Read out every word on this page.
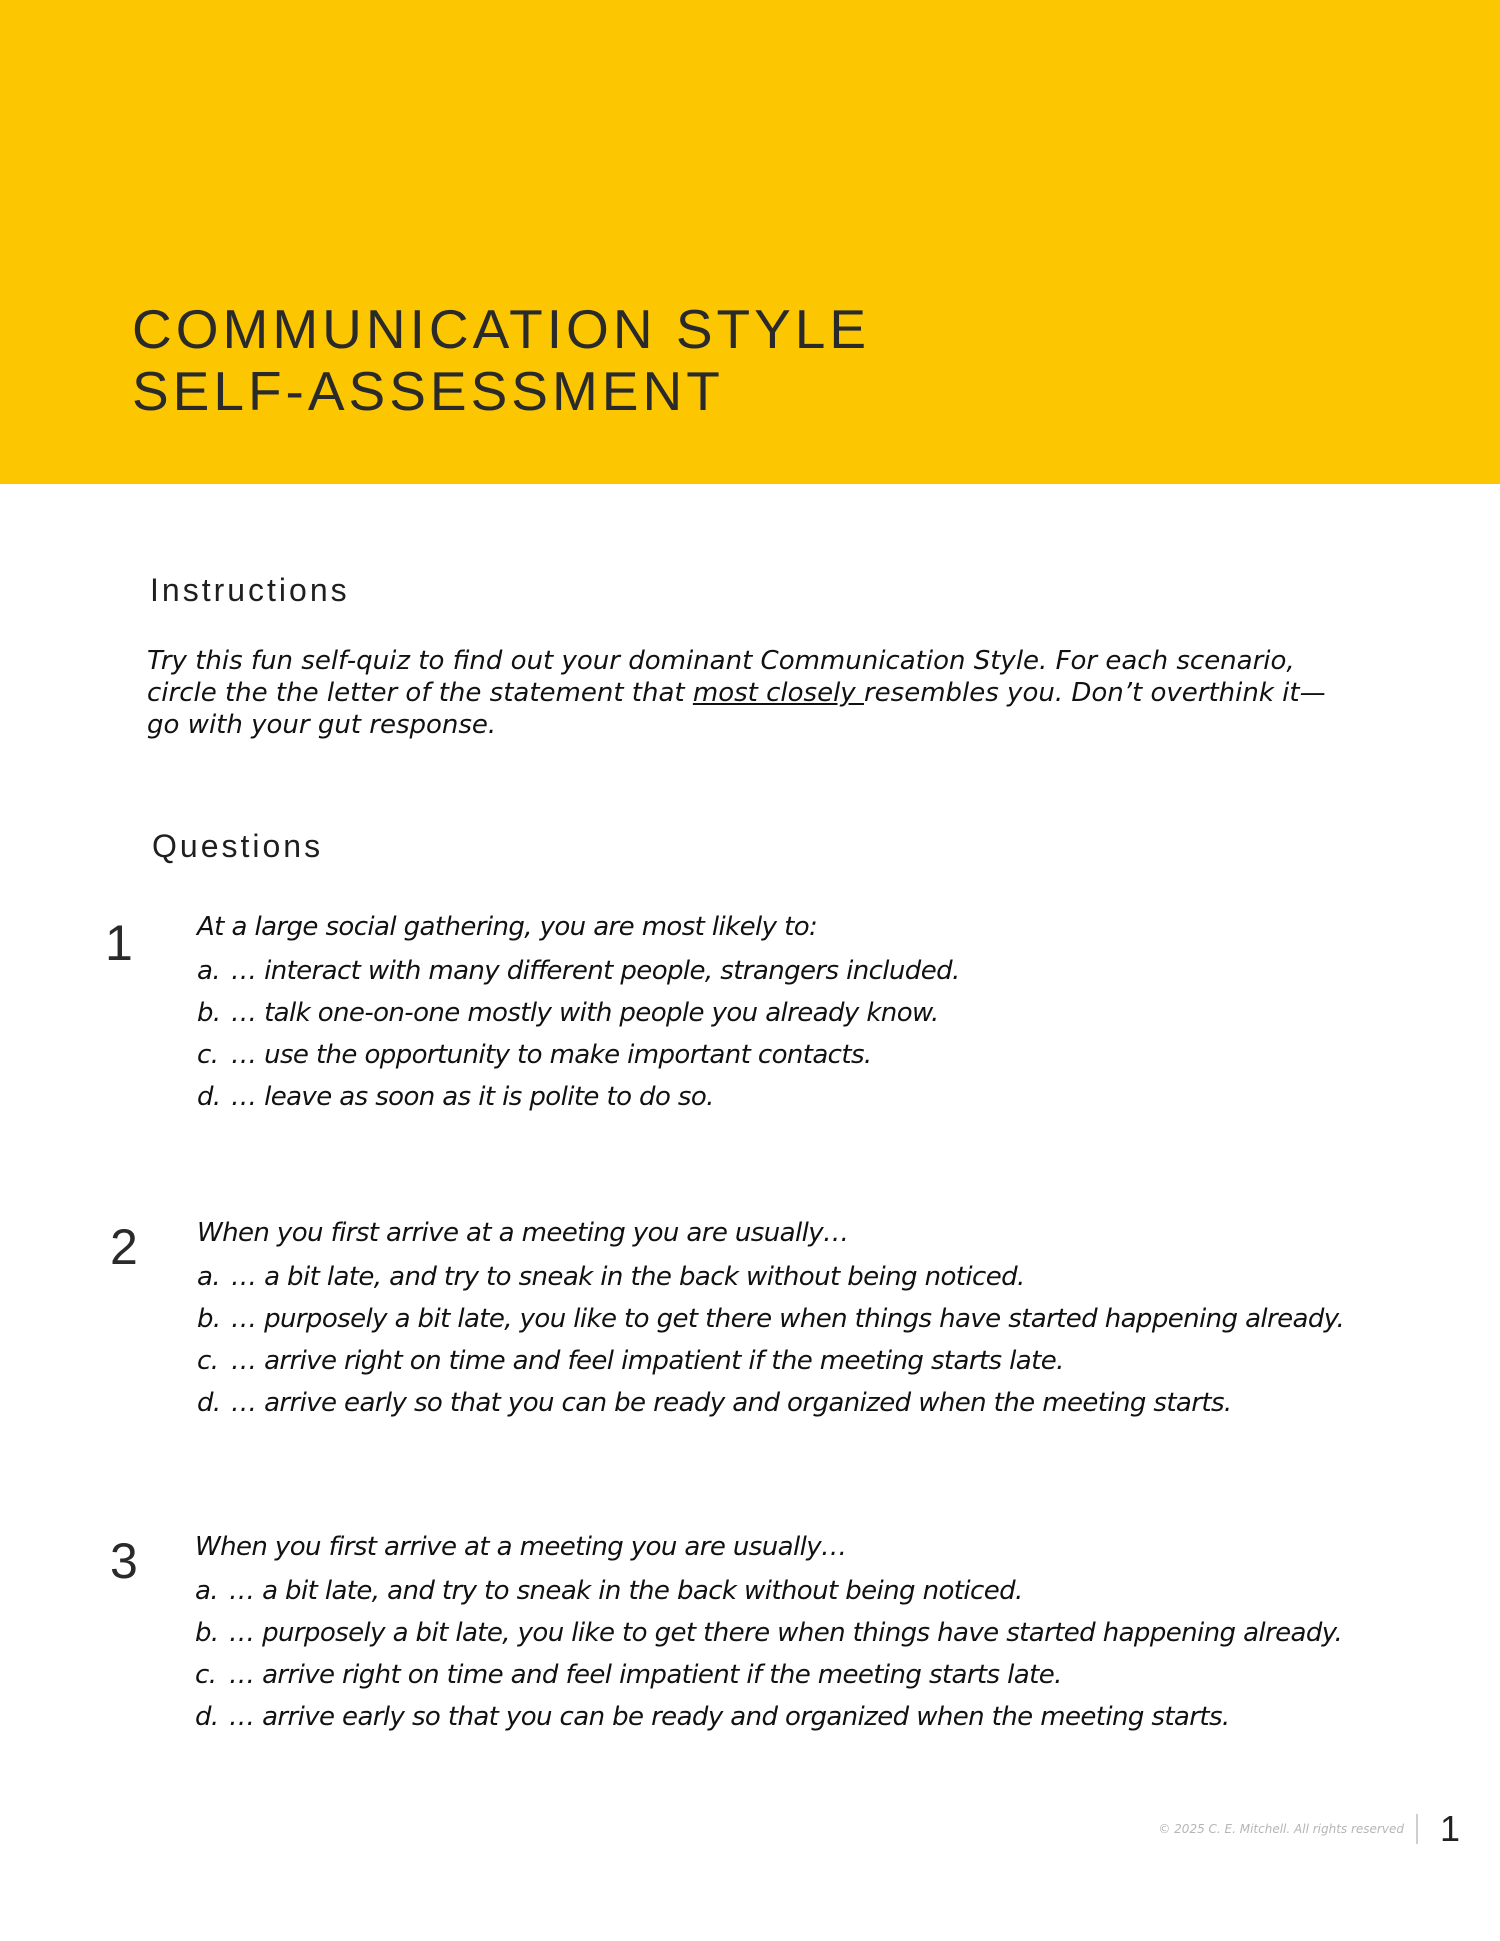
COMMUNICATION STYLE
SELF-ASSESSMENT
Instructions

Try this fun self-quiz to find out your dominant Communication Style. For each scenario, circle the the letter of the statement that most closely resembles you. Don’t overthink it—go with your gut response.

Questions
1 At a large social gathering, you are most likely to:

a. … interact with many different people, strangers included.
b. … talk one-on-one mostly with people you already know.
c. … use the opportunity to make important contacts.
d. … leave as soon as it is polite to do so.
2 When you first arrive at a meeting you are usually…

a. … a bit late, and try to sneak in the back without being noticed.
b. … purposely a bit late, you like to get there when things have started happening already.
c. … arrive right on time and feel impatient if the meeting starts late.
d. … arrive early so that you can be ready and organized when the meeting starts.
3 When you first arrive at a meeting you are usually…

a. … a bit late, and try to sneak in the back without being noticed.
b. … purposely a bit late, you like to get there when things have started happening already.
c. … arrive right on time and feel impatient if the meeting starts late.
d. … arrive early so that you can be ready and organized when the meeting starts.
© 2025 C. E. Mitchell. All rights reserved 1
